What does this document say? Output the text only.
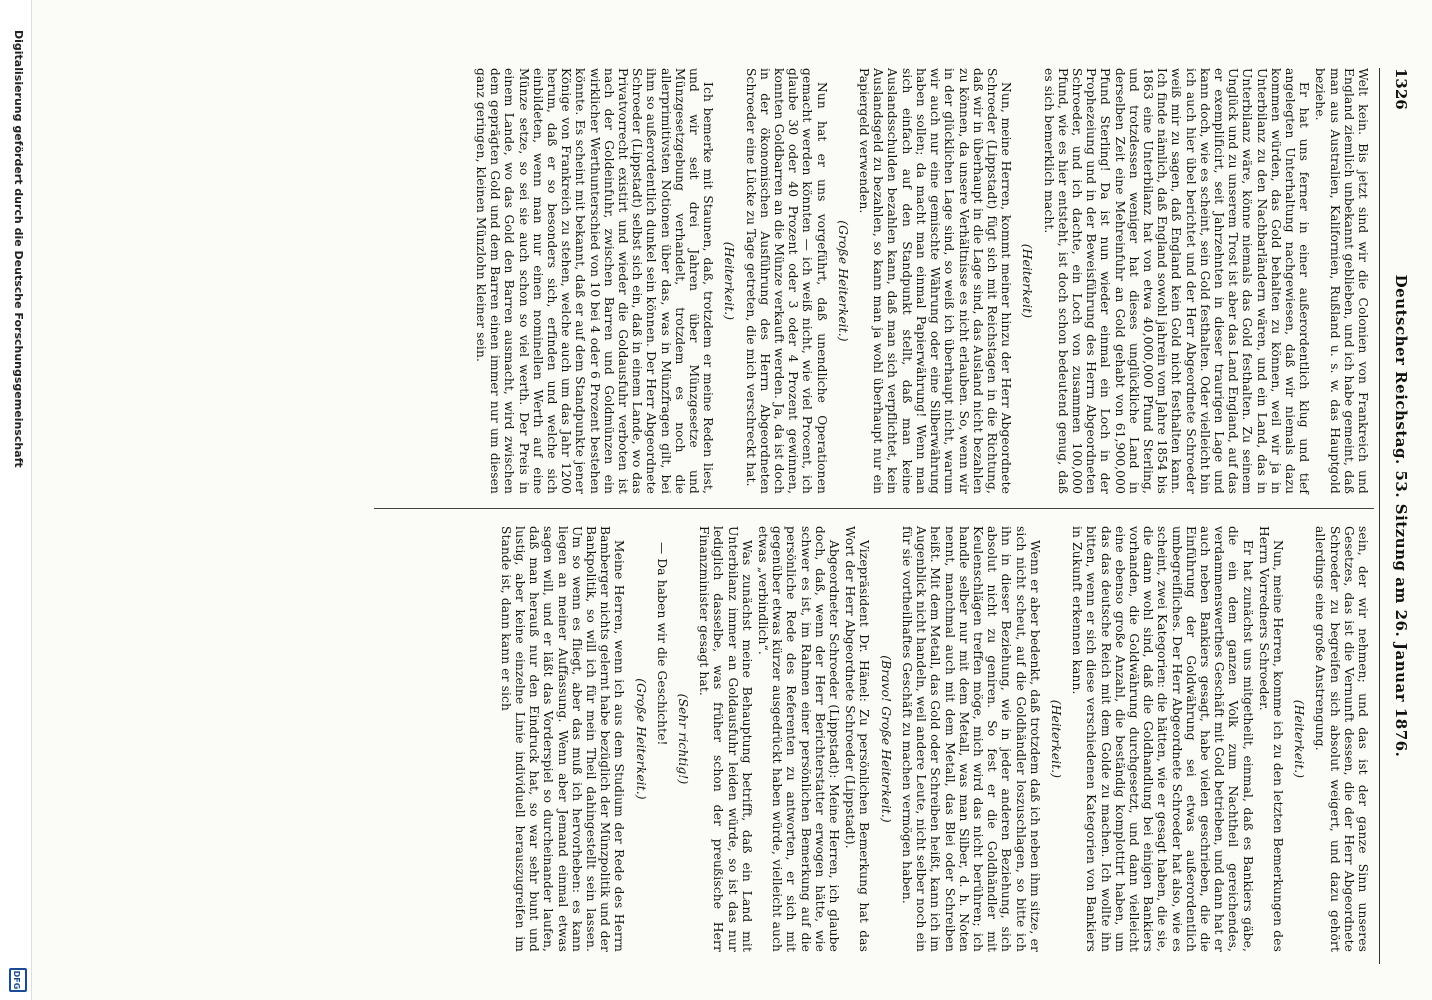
1326
Deutscher Reichstag. 53. Sitzung am 26. Januar 1876.

Welt kein. Bis jetzt sind wir die Colonien von Frankreich und England ziemlich unbekannt geblieben, und ich habe gemeint, daß man aus Australien, Kalifornien, Rußland u. s. w. das Hauptgold beziehe.

Er hat uns ferner in einer außerordentlich klug und tief angelegten Unterhaltung nachgewiesen, daß wir niemals dazu kommen würden, das Gold behalten zu können, weil wir ja in Unterbilanz zu den Nachbarländern wären, und ein Land, das in Unterbilanz wäre, könne niemals das Gold festhalten. Zu seinem Unglück und zu unserem Trost ist aber das Land England, auf das er exemplificirt, seit Jahrzehnten in dieser traurigen Lage und kann doch, wie es scheint, sein Gold festhalten. Oder vielleicht bin ich auch hier übel berichtet und der Herr Abgeordnete Schroeder weiß mir zu sagen, daß England kein Gold nicht festhalten kann. Ich finde nämlich, daß England sowohl jahrein vom Jahre 1854 bis 1863 eine Unterbilanz hat von etwa 40,000,000 Pfund Sterling, und trotzdessen weniger hat dieses unglückliche Land in derselben Zeit eine Mehreinfuhr an Gold gehabt von 61,900,000 Pfund Sterling! Da ist nun wieder einmal ein Loch in der Prophezeiung und in der Beweisführung des Herrn Abgeordneten Schroeder, und ich dachte, ein Loch von zusammen 100,000 Pfund, wie es hier entsteht, ist doch schon bedeutend genug, daß es sich bemerklich macht.

(Heiterkeit)

Nun, meine Herren, kommt meiner hinzu der Herr Abgeordnete Schroeder (Lippstadt) fügt sich mit Reichstagen in die Richtung, daß wir in überhaupt in die Lage sind, das Ausland nicht bezahlen zu können, da unsere Verhältnisse es nicht erlauben. So, wenn wir in der glücklichen Lage sind, so weiß ich überhaupt nicht, warum wir auch nur eine gemischte Währung oder eine Silberwährung haben sollen; da macht man einmal Papierwährung! Wenn man sich einfach auf den Standpunkt stellt, daß man keine Auslandsschulden bezahlen kann, daß man sich verpflichtet, kein Auslandsgeld zu bezahlen, so kann man ja wohl überhaupt nur ein Papiergeld verwenden.

(Große Heiterkeit.)

Nun hat er uns vorgeführt, daß unendliche Operationen gemacht werden könnten — ich weiß nicht, wie viel Procent, ich glaube 30 oder 40 Prozent oder 3 oder 4 Prozent gewinnen, konnten Goldbarren an die Münze verkauft werden. Ja, da ist doch in der ökonomischen Ausführung des Herrn Abgeordneten Schroeder eine Lücke zu Tage getreten, die mich verschreckt hat.

(Heiterkeit.)

Ich bemerke mit Staunen, daß, trotzdem er meine Reden liest, und wir seit drei Jahren über Münzgesetze und Münzgesetzgebung verhandelt, trotzdem es noch die allerprimitivsten Notionen über das, was in Münzfragen gilt, bei ihm so außerordentlich dunkel sein können. Der Herr Abgeordnete Schroeder (Lippstadt) selbst sich ein, daß in einem Lande, wo das Privatvorrecht existirt und wieder die Goldausfuhr verboten ist nach der Goldeinfuhr, zwischen Barren und Goldmünzen ein wirklicher Werthunterschied von 10 bei 4 oder 6 Prozent bestehen könnte. Es scheint mit bekannt, daß er auf dem Standpunkte jener Könige von Frankreich zu stehen, welche auch um das Jahr 1200 herum, daß er so besonders sich, erfinden und welche sich einbildeten, wenn man nur einen nominellen Werth auf eine Münze setze, so sei sie auch schon so viel werth. Der Preis in einem Lande, wo das Gold den Barren ausmacht, wird zwischen dem geprägten Gold und dem Barren einen immer nur um diesen ganz geringen, kleinen Münzlohn kleiner sein.

sein, der wir nehmen; und das ist der ganze Sinn unseres Gesetzes, das ist die Vernunft dessen, die der Herr Abgeordnete Schroeder zu begreifen sich absolut weigert, und dazu gehört allerdings eine große Anstrengung.

(Heiterkeit.)

Nun, meine Herren, komme ich zu den letzten Bemerkungen des Herrn Vorredners Schroeder.

Er hat zunächst uns mitgetheilt, einmal, daß es Bankiers gäbe, die ein dem ganzen Volk zum Nachtheil gereichendes, verdammenswerthes Geschäft mit Gold betrieben, und dann hat er auch neben Bankiers gesagt, habe vielen geschrieben, die die Einführung der Goldwährung sei etwas außerordentlich umbegreifliches. Der Herr Abgeordnete Schroeder hat also, wie es scheint, zwei Kategorien: die hätten, wie er gesagt haben, die sie, die dann wohl sind, daß die Goldhandlung bei einigen Bankiers vorhanden, die Goldwährung durchgesetzt, und dann vielleicht eine ebenso große Anzahl, die beständig komplottirt haben, um das das deutsche Reich mit dem Golde zu machen. Ich wollte ihn bitten, wenn er sich diese verschiedenen Kategorien von Bankiers in Zukunft erkennen kann.

(Heiterkeit.)

Wenn er aber bedenkt, daß trotzdem daß ich neben ihm sitze, er sich nicht scheut, auf die Goldhändler loszuschlagen, so bitte ich ihn in dieser Beziehung, wie in jeder anderen Beziehung, sich absolut nicht zu geniren. So fest er die Goldhändler mit Keulenschlägen treffen möge, mich wird das nicht berühren; ich handle selber nur mit dem Metall, was man Silber, d. h. Noten nennt, manchmal auch mit dem Metall, das Blei oder Schreiben heißt. Mit dem Metall, das Gold oder Schreiben heißt, kann ich im Augenblick nicht handeln, weil andere Leute, nicht selber noch ein für sie vortheilhaftes Geschäft zu machen vermögen haben.

(Bravo! Große Heiterkeit.)

Vizepräsident Dr. Hänel: Zu persönlichen Bemerkung hat das Wort der Herr Abgeordnete Schroeder (Lippstadt).

Abgeordneter Schroeder (Lippstadt): Meine Herren, ich glaube doch, daß, wenn der Herr Berichterstatter erwogen hätte, wie schwer es ist, im Rahmen einer persönlichen Bemerkung auf die persönliche Rede des Referenten zu antworten, er sich mit gegenüber etwas kürzer ausgedrückt haben würde, vielleicht auch etwas „verbindlich“.

Was zunächst meine Behauptung betrifft, daß ein Land mit Unterbilanz immer an Goldausfuhr leiden würde, so ist das nur lediglich dasselbe, was früher schon der preußische Herr Finanzminister gesagt hat.

(Sehr richtig!)

— Da haben wir die Geschichte!

(Große Heiterkeit.)

Meine Herren, wenn ich aus dem Studium der Rede des Herrn Bamberger nichts gelernt habe bezüglich der Münzpolitik und der Bankpolitik, so will ich für mein Theil dahingestellt sein lassen. Um so wenn es fliegt, aber das muß ich hervorheben: es kann liegen an meiner Auffassung. Wenn aber Jemand einmal etwas sagen will, und er läßt das Vorderspiel so durcheinander laufen, daß man herauß nur den Eindruck hat, so war sehr bunt und lustig, aber keine einzelne Linie individuell herauszugreifen im Stande ist, dann kann er sich

Digitalisierung gefördert durch die Deutsche Forschungsgemeinschaft
DFG
